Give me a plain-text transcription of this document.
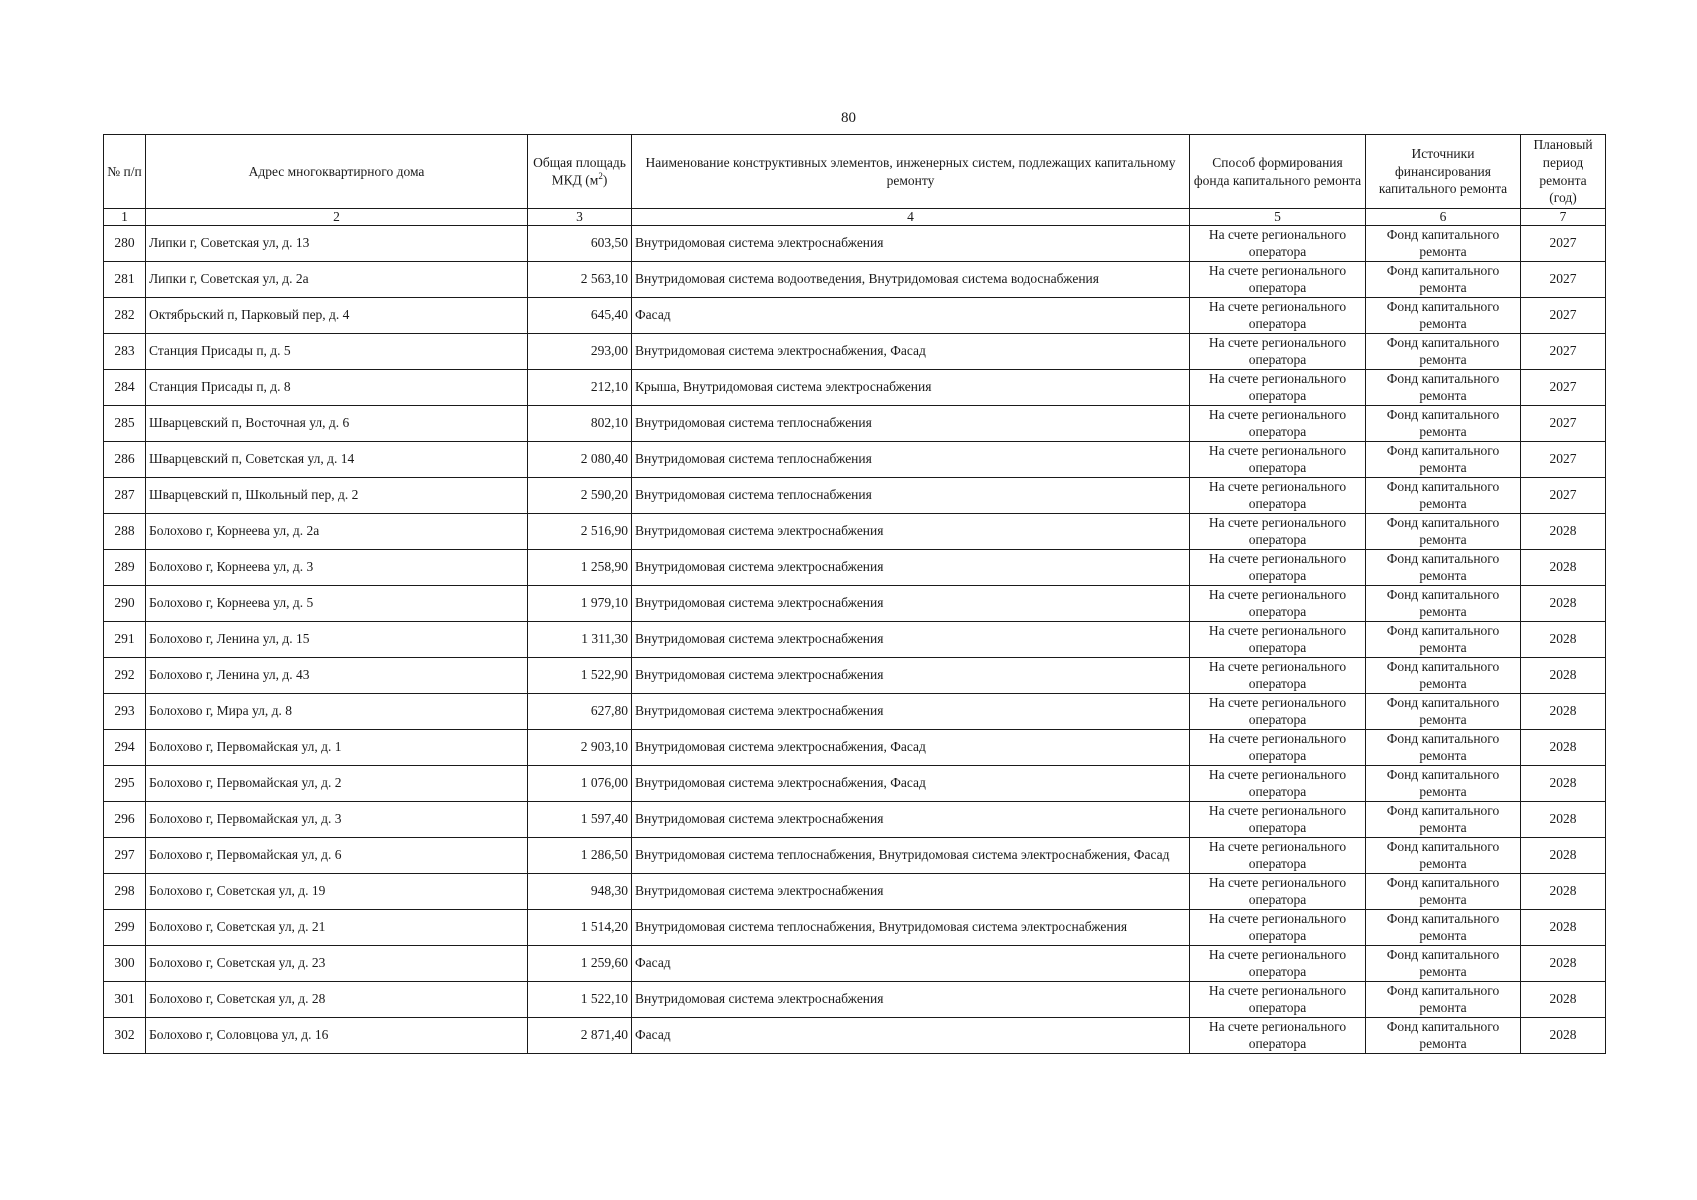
80
№ п/п	Адрес многоквартирного дома	Общая площадь МКД $(м^2)$	Наименование конструктивных элементов, инженерных систем, подлежащих капитальному ремонту	Способ формирования фонда капитального ремонта	Источники финансирования капитального ремонта	Плановый период ремонта (год)
1	2	3	4	5	6	7
280	Липки г, Советская ул, д. 13	603,50	Внутридомовая система электроснабжения	На счете регионального оператора	Фонд капитального ремонта	2027
281	Липки г, Советская ул, д. 2а	2 563,10	Внутридомовая система водоотведения, Внутридомовая система водоснабжения	На счете регионального оператора	Фонд капитального ремонта	2027
282	Октябрьский п, Парковый пер, д. 4	645,40	Фасад	На счете регионального оператора	Фонд капитального ремонта	2027
283	Станция Присады п, д. 5	293,00	Внутридомовая система электроснабжения, Фасад	На счете регионального оператора	Фонд капитального ремонта	2027
284	Станция Присады п, д. 8	212,10	Крыша, Внутридомовая система электроснабжения	На счете регионального оператора	Фонд капитального ремонта	2027
285	Шварцевский п, Восточная ул, д. 6	802,10	Внутридомовая система теплоснабжения	На счете регионального оператора	Фонд капитального ремонта	2027
286	Шварцевский п, Советская ул, д. 14	2 080,40	Внутридомовая система теплоснабжения	На счете регионального оператора	Фонд капитального ремонта	2027
287	Шварцевский п, Школьный пер, д. 2	2 590,20	Внутридомовая система теплоснабжения	На счете регионального оператора	Фонд капитального ремонта	2027
288	Болохово г, Корнеева ул, д. 2а	2 516,90	Внутридомовая система электроснабжения	На счете регионального оператора	Фонд капитального ремонта	2028
289	Болохово г, Корнеева ул, д. 3	1 258,90	Внутридомовая система электроснабжения	На счете регионального оператора	Фонд капитального ремонта	2028
290	Болохово г, Корнеева ул, д. 5	1 979,10	Внутридомовая система электроснабжения	На счете регионального оператора	Фонд капитального ремонта	2028
291	Болохово г, Ленина ул, д. 15	1 311,30	Внутридомовая система электроснабжения	На счете регионального оператора	Фонд капитального ремонта	2028
292	Болохово г, Ленина ул, д. 43	1 522,90	Внутридомовая система электроснабжения	На счете регионального оператора	Фонд капитального ремонта	2028
293	Болохово г, Мира ул, д. 8	627,80	Внутридомовая система электроснабжения	На счете регионального оператора	Фонд капитального ремонта	2028
294	Болохово г, Первомайская ул, д. 1	2 903,10	Внутридомовая система электроснабжения, Фасад	На счете регионального оператора	Фонд капитального ремонта	2028
295	Болохово г, Первомайская ул, д. 2	1 076,00	Внутридомовая система электроснабжения, Фасад	На счете регионального оператора	Фонд капитального ремонта	2028
296	Болохово г, Первомайская ул, д. 3	1 597,40	Внутридомовая система электроснабжения	На счете регионального оператора	Фонд капитального ремонта	2028
297	Болохово г, Первомайская ул, д. 6	1 286,50	Внутридомовая система теплоснабжения, Внутридомовая система электроснабжения, Фасад	На счете регионального оператора	Фонд капитального ремонта	2028
298	Болохово г, Советская ул, д. 19	948,30	Внутридомовая система электроснабжения	На счете регионального оператора	Фонд капитального ремонта	2028
299	Болохово г, Советская ул, д. 21	1 514,20	Внутридомовая система теплоснабжения, Внутридомовая система электроснабжения	На счете регионального оператора	Фонд капитального ремонта	2028
300	Болохово г, Советская ул, д. 23	1 259,60	Фасад	На счете регионального оператора	Фонд капитального ремонта	2028
301	Болохово г, Советская ул, д. 28	1 522,10	Внутридомовая система электроснабжения	На счете регионального оператора	Фонд капитального ремонта	2028
302	Болохово г, Соловцова ул, д. 16	2 871,40	Фасад	На счете регионального оператора	Фонд капитального ремонта	2028
